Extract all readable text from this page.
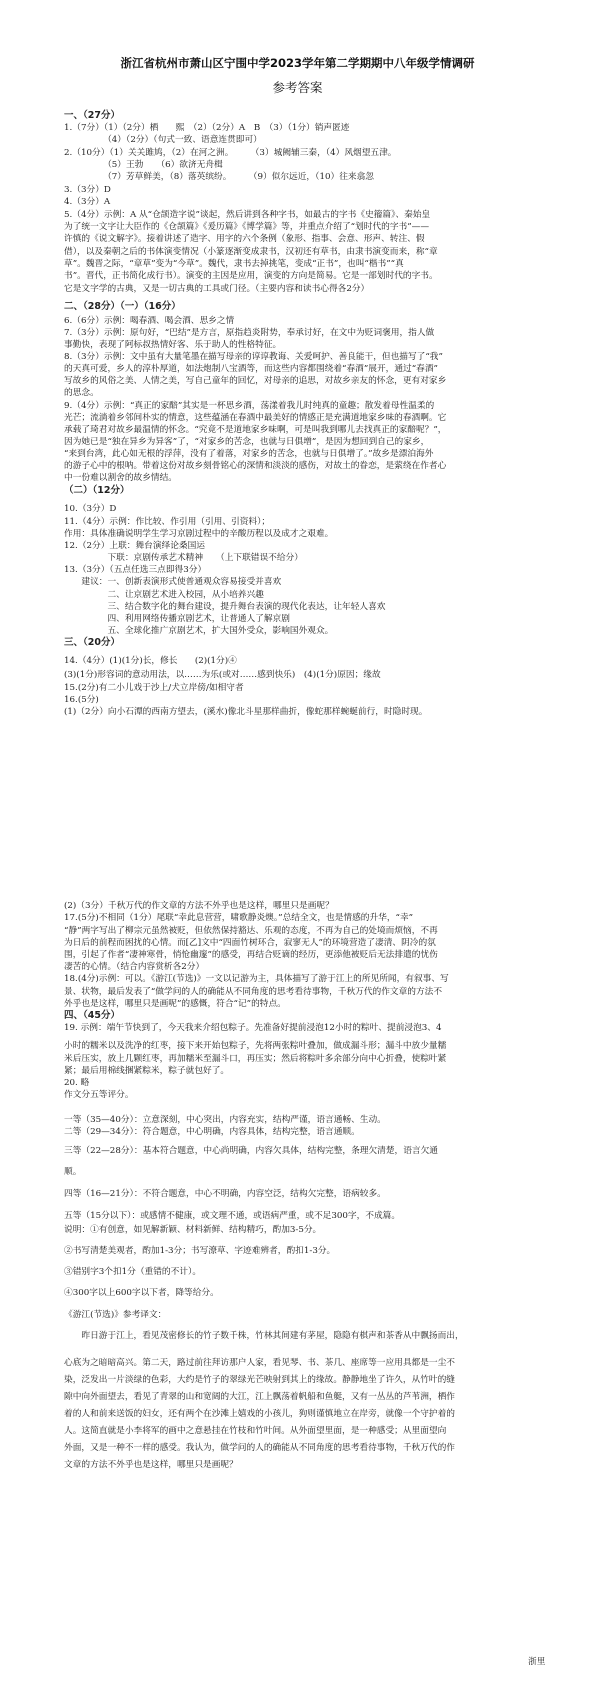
浙江省杭州市萧山区宁围中学2023学年第二学期期中八年级学情调研
参考答案
一、（27分）
1.（7分）（1）（2分）栖　　熙　（2）（2分）A　B　（3）（1分）销声匿迹
　　　　　（4）（2分）（句式一致、语意连贯即可）
2.（10分）（1）关关雎鸠，（2）在河之洲。　　　（3）城阙辅三秦，（4）风烟望五津。
　　　　　（5）王勃　　（6）欲济无舟楫
　　　　　（7）芳草鲜美，（8）落英缤纷。　　　（9）似尔远近，（10）往来翕忽
3.（3分）D
4.（3分）A
5.（4分）示例：A 从“仓颉造字说”谈起，然后讲到各种字书，如最古的字书《史籀篇》、秦始皇
为了统一文字让大臣作的《仓颉篇》《爰历篇》《博学篇》等，并重点介绍了“划时代的字书”——
许慎的《说文解字》。接着讲述了造字、用字的六个条例（象形、指事、会意、形声、转注、假
借），以及秦朝之后的书体演变情况（小篆逐渐变成隶书，汉初还有草书，由隶书演变而来，称“章
草”。魏晋之际，“章草”变为“今草”。魏代，隶书去掉挑笔，变成“正书”，也叫“楷书”“真
书”。晋代，正书简化成行书）。演变的主因是应用，演变的方向是简易。它是一部划时代的字书。
它是文字学的古典，又是一切古典的工具或门径。（主要内容和读书心得各2分）
二、（28分）（一）（16分）
6.（6分）示例：喝春酒、喝会酒、思乡之情
7.（3分）示例：原句好，“巴结”是方言，原指趋炎附势，奉承讨好，在文中为贬词褒用，指人做
事勤快，表现了阿标叔热情好客、乐于助人的性格特征。
8.（3分）示例：文中虽有大量笔墨在描写母亲的谆谆教诲、关爱呵护、善良能干，但也描写了“我”
的天真可爱，乡人的淳朴厚道，如法炮制八宝酒等，而这些内容都围绕着“春酒”展开，通过“春酒”
写故乡的风俗之美、人情之美，写自己童年的回忆，对母亲的追思，对故乡亲友的怀念，更有对家乡
的思念。
9.（4分）示例：“真正的家醅”其实是一杯思乡酒，荡漾着我儿时纯真的童趣；散发着母性温柔的
光芒；流淌着乡邻间朴实的情意，这些蕴涵在春酒中最美好的情感正是充满道地家乡味的春酒啊。它
承载了琦君对故乡最温情的怀念。“究竟不是道地家乡味啊，可是叫我到哪儿去找真正的家醅呢？”，
因为她已是“独在异乡为异客”了，“对家乡的苦念，也就与日俱增”，是因为想回到自己的家乡，
“来到台湾，此心如无根的浮萍，没有了着落，对家乡的苦念，也就与日俱增了。”故乡是漂泊海外
的游子心中的根呐。带着这份对故乡刻骨铭心的深情和淡淡的感伤，对故土的眷恋，是萦绕在作者心
中一份难以割舍的故乡情结。
（二）（12分）
10.（3分）D
11.（4分）示例：作比较、作引用（引用、引资料）；
作用：具体准确说明学生学习京剧过程中的辛酸历程以及成才之艰难。
12.（2分）上联：舞台演绎论桑国运
　　　　　下联：京剧传承艺术精神　　（上下联错误不给分）
13.（3分）（五点任选三点即得3分）
　　建议：一、创新表演形式使普通观众容易接受并喜欢
　　　　　二、让京剧艺术进入校园，从小培养兴趣
　　　　　三、结合数字化的舞台建设，提升舞台表演的现代化表达，让年轻人喜欢
　　　　　四、利用网络传播京剧艺术，让普通人了解京剧
　　　　　五、全球化推广京剧艺术，扩大国外受众，影响国外观众。
三、（20分）
14.（4分）(1)(1分)长，修长　　(2)(1分)④
(3)(1分)形容词的意动用法，以……为乐(或对……感到快乐)　(4)(1分)原因；缘故
15.(2分)有二小儿戏于沙上/犬立岸傍/如相守者
16.(5分)
(1)（2分）向小石潭的西南方望去，(溪水)像北斗星那样曲折，像蛇那样蜿蜒前行，时隐时现。
(2)（3分）千秋万代的作文章的方法不外乎也是这样，哪里只是画呢？
17.(5分)不相同（1分）尾联“幸此息营营，啸歌静炎燠。”总结全文，也是情感的升华，“幸”
“静”两字写出了柳宗元虽然被贬，但依然保持豁达、乐观的态度，不再为自己的处境而烦恼，不再
为日后的前程而困扰的心情。而[乙]文中“四面竹树环合，寂寥无人”的环境营造了凄清、阴冷的氛
围，引起了作者“凄神寒骨，悄怆幽邃”的感受，再结合贬谪的经历，更添他被贬后无法排遣的忧伤
凄苦的心情。（结合内容赏析各2分）
18.(4分)示例：可以。《游江(节选)》一文以记游为主，具体描写了游于江上的所见所闻，有叙事、写
景、状物，最后发表了“做学问的人的确能从不同角度的思考看待事物，千秋万代的作文章的方法不
外乎也是这样，哪里只是画呢”的感慨，符合“记”的特点。
四、（45分）
19. 示例：端午节快到了，今天我来介绍包粽子。先准备好提前浸泡12小时的粽叶、提前浸泡3、4
小时的糯米以及洗净的红枣，接下来开始包粽子，先将两张粽叶叠加，做成漏斗形；漏斗中放少量糯
米后压实，放上几颗红枣，再加糯米至漏斗口，再压实；然后将粽叶多余部分向中心折叠，使粽叶紧
紧；最后用棉线捆紧粽米，粽子就包好了。
20. 略
作文分五等评分。
一等（35—40分）：立意深刻，中心突出，内容充实，结构严谨，语言通畅、生动。
二等（29—34分）：符合题意，中心明确，内容具体，结构完整，语言通顺。
三等（22—28分）：基本符合题意，中心尚明确，内容欠具体，结构完整，条理欠清楚，语言欠通
顺。
四等（16—21分）：不符合题意，中心不明确，内容空泛，结构欠完整，语病较多。
五等（15分以下）：或感情不健康，或文理不通，或语病严重，或不足300字，不成篇。
说明：①有创意，如见解新颖、材料新鲜、结构精巧，酌加3-5分。
②书写清楚美观者，酌加1-3分；书写潦草、字迹难辨者，酌扣1-3分。
③错别字3个扣1分（重错的不计）。
④300字以上600字以下者，降等给分。
《游江(节选)》参考译文：
　　昨日游于江上，看见茂密修长的竹子数千株，竹林其间建有茅屋，隐隐有棋声和茶香从中飘扬而出，
心底为之暗暗高兴。第二天，路过前往拜访那户人家，看见琴、书、茶几、座席等一应用具都是一尘不
染，泛发出一片淡绿的色彩，大约是竹子的翠绿光芒映射到其上的缘故。静静地坐了许久，从竹叶的缝
隙中向外面望去，看见了青翠的山和宽阔的大江，江上飘荡着帆船和鱼艇，又有一丛丛的芦苇洲，栖作
着的人和前来送饭的妇女，还有两个在沙滩上嬉戏的小孩儿，狗则谨慎地立在岸旁，就像一个守护着的
人。这简直就是小李将军的画中之意悬挂在竹枝和竹叶间。从外面望里面，是一种感受；从里面望向
外面，又是一种不一样的感受。我认为，做学问的人的确能从不同角度的思考看待事物，千秋万代的作
文章的方法不外乎也是这样，哪里只是画呢？
浙里
